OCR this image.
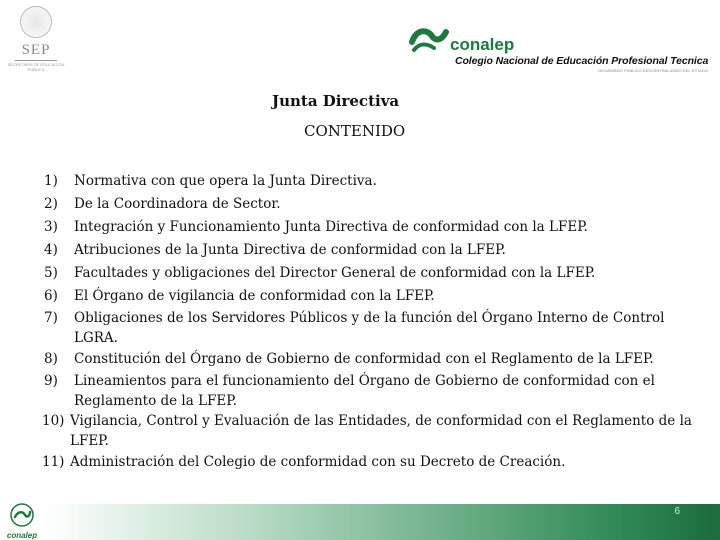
SEP
SECRETARÍA DE EDUCACIÓN PÚBLICA
conalep
Colegio Nacional de Educación Profesional Tecnica
ORGANISMO PÚBLICO DESCENTRALIZADO DEL ESTADO
Junta Directiva
CONTENIDO
1) Normativa con que opera la Junta Directiva.
2) De la Coordinadora de Sector.
3) Integración y Funcionamiento Junta Directiva de conformidad con la LFEP.
4) Atribuciones de la Junta Directiva de conformidad con la LFEP.
5) Facultades y obligaciones del Director General de conformidad con la LFEP.
6) El Órgano de vigilancia de conformidad con la LFEP.
7) Obligaciones de los Servidores Públicos y de la función del Órgano Interno de Control LGRA.
8) Constitución del Órgano de Gobierno de conformidad con el Reglamento de la LFEP.
9) Lineamientos para el funcionamiento del Órgano de Gobierno de conformidad con el Reglamento de la LFEP.
10) Vigilancia, Control y Evaluación de las Entidades, de conformidad con el Reglamento de la LFEP.
11) Administración del Colegio de conformidad con su Decreto de Creación.
conalep
6
